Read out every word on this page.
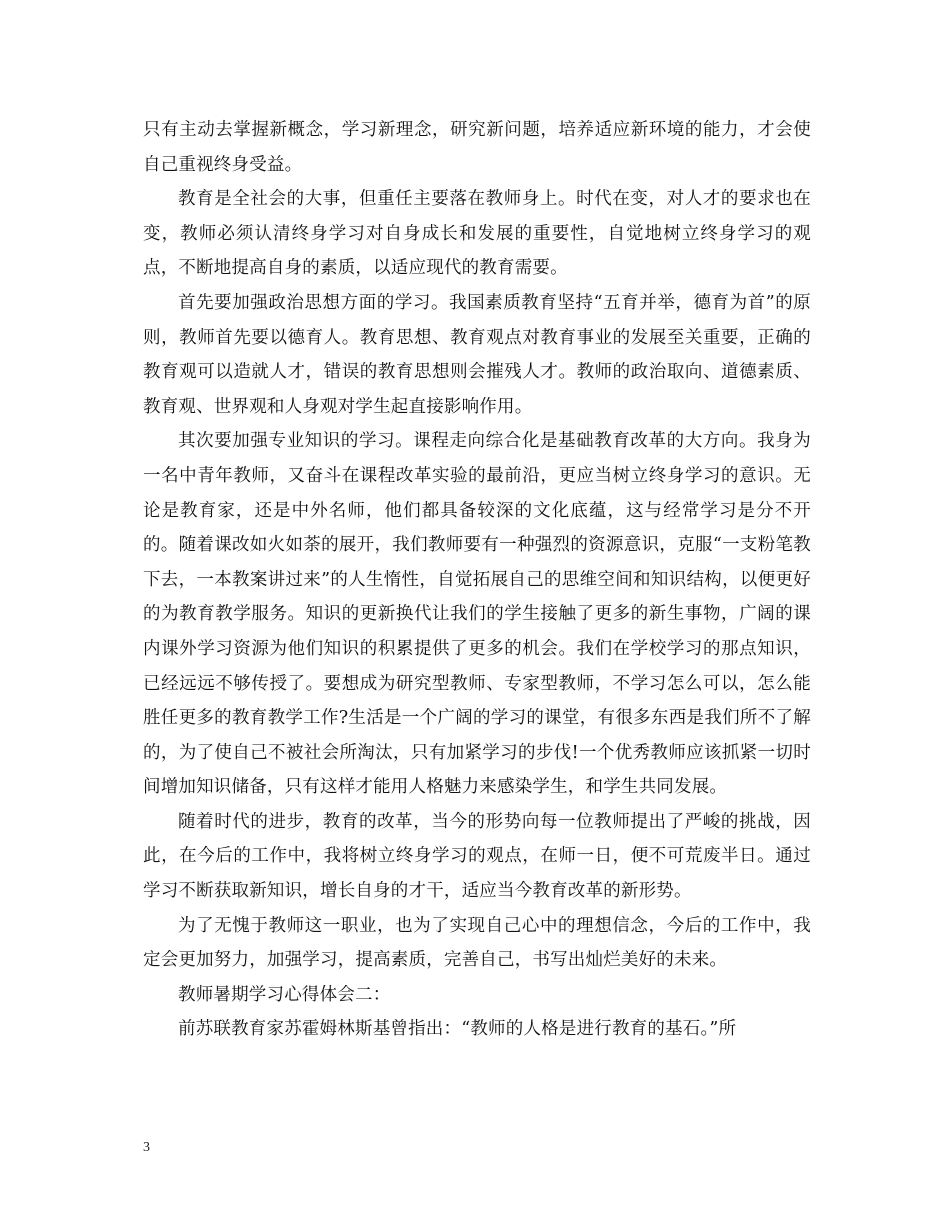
只有主动去掌握新概念，学习新理念，研究新问题，培养适应新环境的能力，才会使自己重视终身受益。

教育是全社会的大事，但重任主要落在教师身上。时代在变，对人才的要求也在变，教师必须认清终身学习对自身成长和发展的重要性，自觉地树立终身学习的观点，不断地提高自身的素质，以适应现代的教育需要。

首先要加强政治思想方面的学习。我国素质教育坚持“五育并举，德育为首”的原则，教师首先要以德育人。教育思想、教育观点对教育事业的发展至关重要，正确的教育观可以造就人才，错误的教育思想则会摧残人才。教师的政治取向、道德素质、教育观、世界观和人身观对学生起直接影响作用。

其次要加强专业知识的学习。课程走向综合化是基础教育改革的大方向。我身为一名中青年教师，又奋斗在课程改革实验的最前沿，更应当树立终身学习的意识。无论是教育家，还是中外名师，他们都具备较深的文化底蕴，这与经常学习是分不开的。随着课改如火如荼的展开，我们教师要有一种强烈的资源意识，克服“一支粉笔教下去，一本教案讲过来”的人生惰性，自觉拓展自己的思维空间和知识结构，以便更好的为教育教学服务。知识的更新换代让我们的学生接触了更多的新生事物，广阔的课内课外学习资源为他们知识的积累提供了更多的机会。我们在学校学习的那点知识，已经远远不够传授了。要想成为研究型教师、专家型教师，不学习怎么可以，怎么能胜任更多的教育教学工作?生活是一个广阔的学习的课堂，有很多东西是我们所不了解的，为了使自己不被社会所淘汰，只有加紧学习的步伐!一个优秀教师应该抓紧一切时间增加知识储备，只有这样才能用人格魅力来感染学生，和学生共同发展。

随着时代的进步，教育的改革，当今的形势向每一位教师提出了严峻的挑战，因此，在今后的工作中，我将树立终身学习的观点，在师一日，便不可荒废半日。通过学习不断获取新知识，增长自身的才干，适应当今教育改革的新形势。

为了无愧于教师这一职业，也为了实现自己心中的理想信念，今后的工作中，我定会更加努力，加强学习，提高素质，完善自己，书写出灿烂美好的未来。

教师暑期学习心得体会二：

前苏联教育家苏霍姆林斯基曾指出：“教师的人格是进行教育的基石。”所

3
